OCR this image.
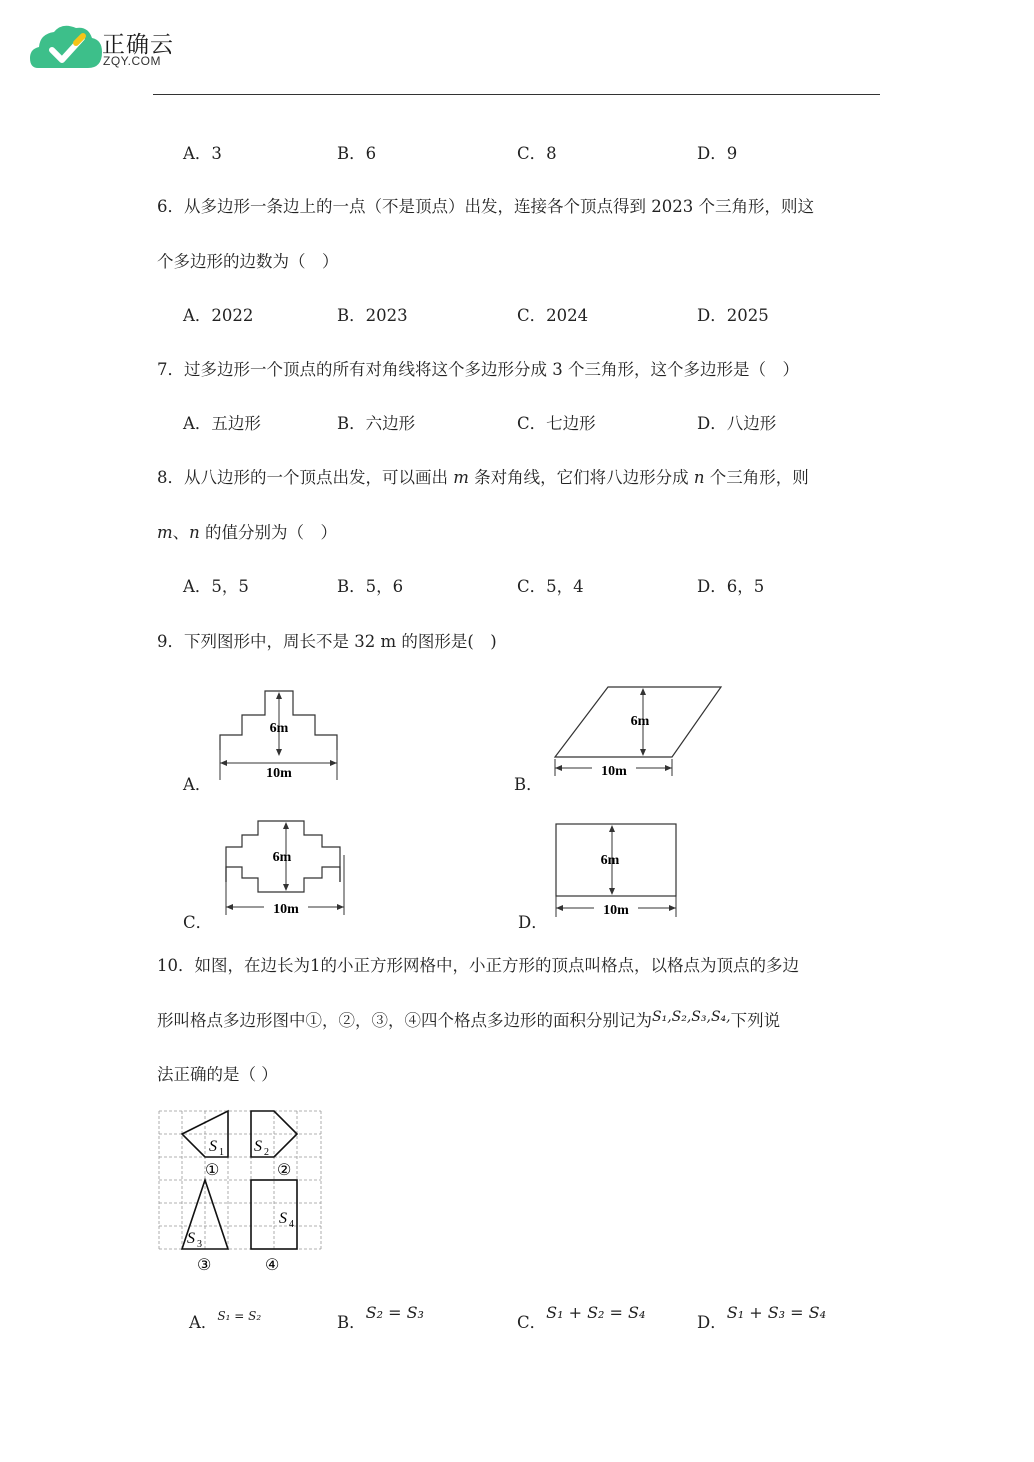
正确云
ZQY.COM
A．3	B．6	C．8	D．9
6．从多边形一条边上的一点（不是顶点）出发，连接各个顶点得到 2023 个三角形，则这
个多边形的边数为（　）
A．2022	B．2023	C．2024	D．2025
7．过多边形一个顶点的所有对角线将这个多边形分成 3 个三角形，这个多边形是（　）
A．五边形	B．六边形	C．七边形	D．八边形
8．从八边形的一个顶点出发，可以画出 m 条对角线，它们将八边形分成 n 个三角形，则
m、n 的值分别为（　）
A．5，5	B．5，6	C．5，4	D．6，5
9．下列图形中，周长不是 32 m 的图形是(　)
6m
10m
A．
6m
10m
B．
6m
10m
C．
6m
10m
D．
10．如图，在边长为1的小正方形网格中，小正方形的顶点叫格点，以格点为顶点的多边
形叫格点多边形图中①，②，③，④四个格点多边形的面积分别记为$^{S_1,S_2,S_3,S_4,}$下列说
法正确的是（ ）
S 1 S 2
S 3
S 4
①	②
③	④
A．$^{S_1 = S_2}$	B．S₂ = S₃
C．S₁ + S₂ = S₄
D．S₁ + S₃ = S₄
